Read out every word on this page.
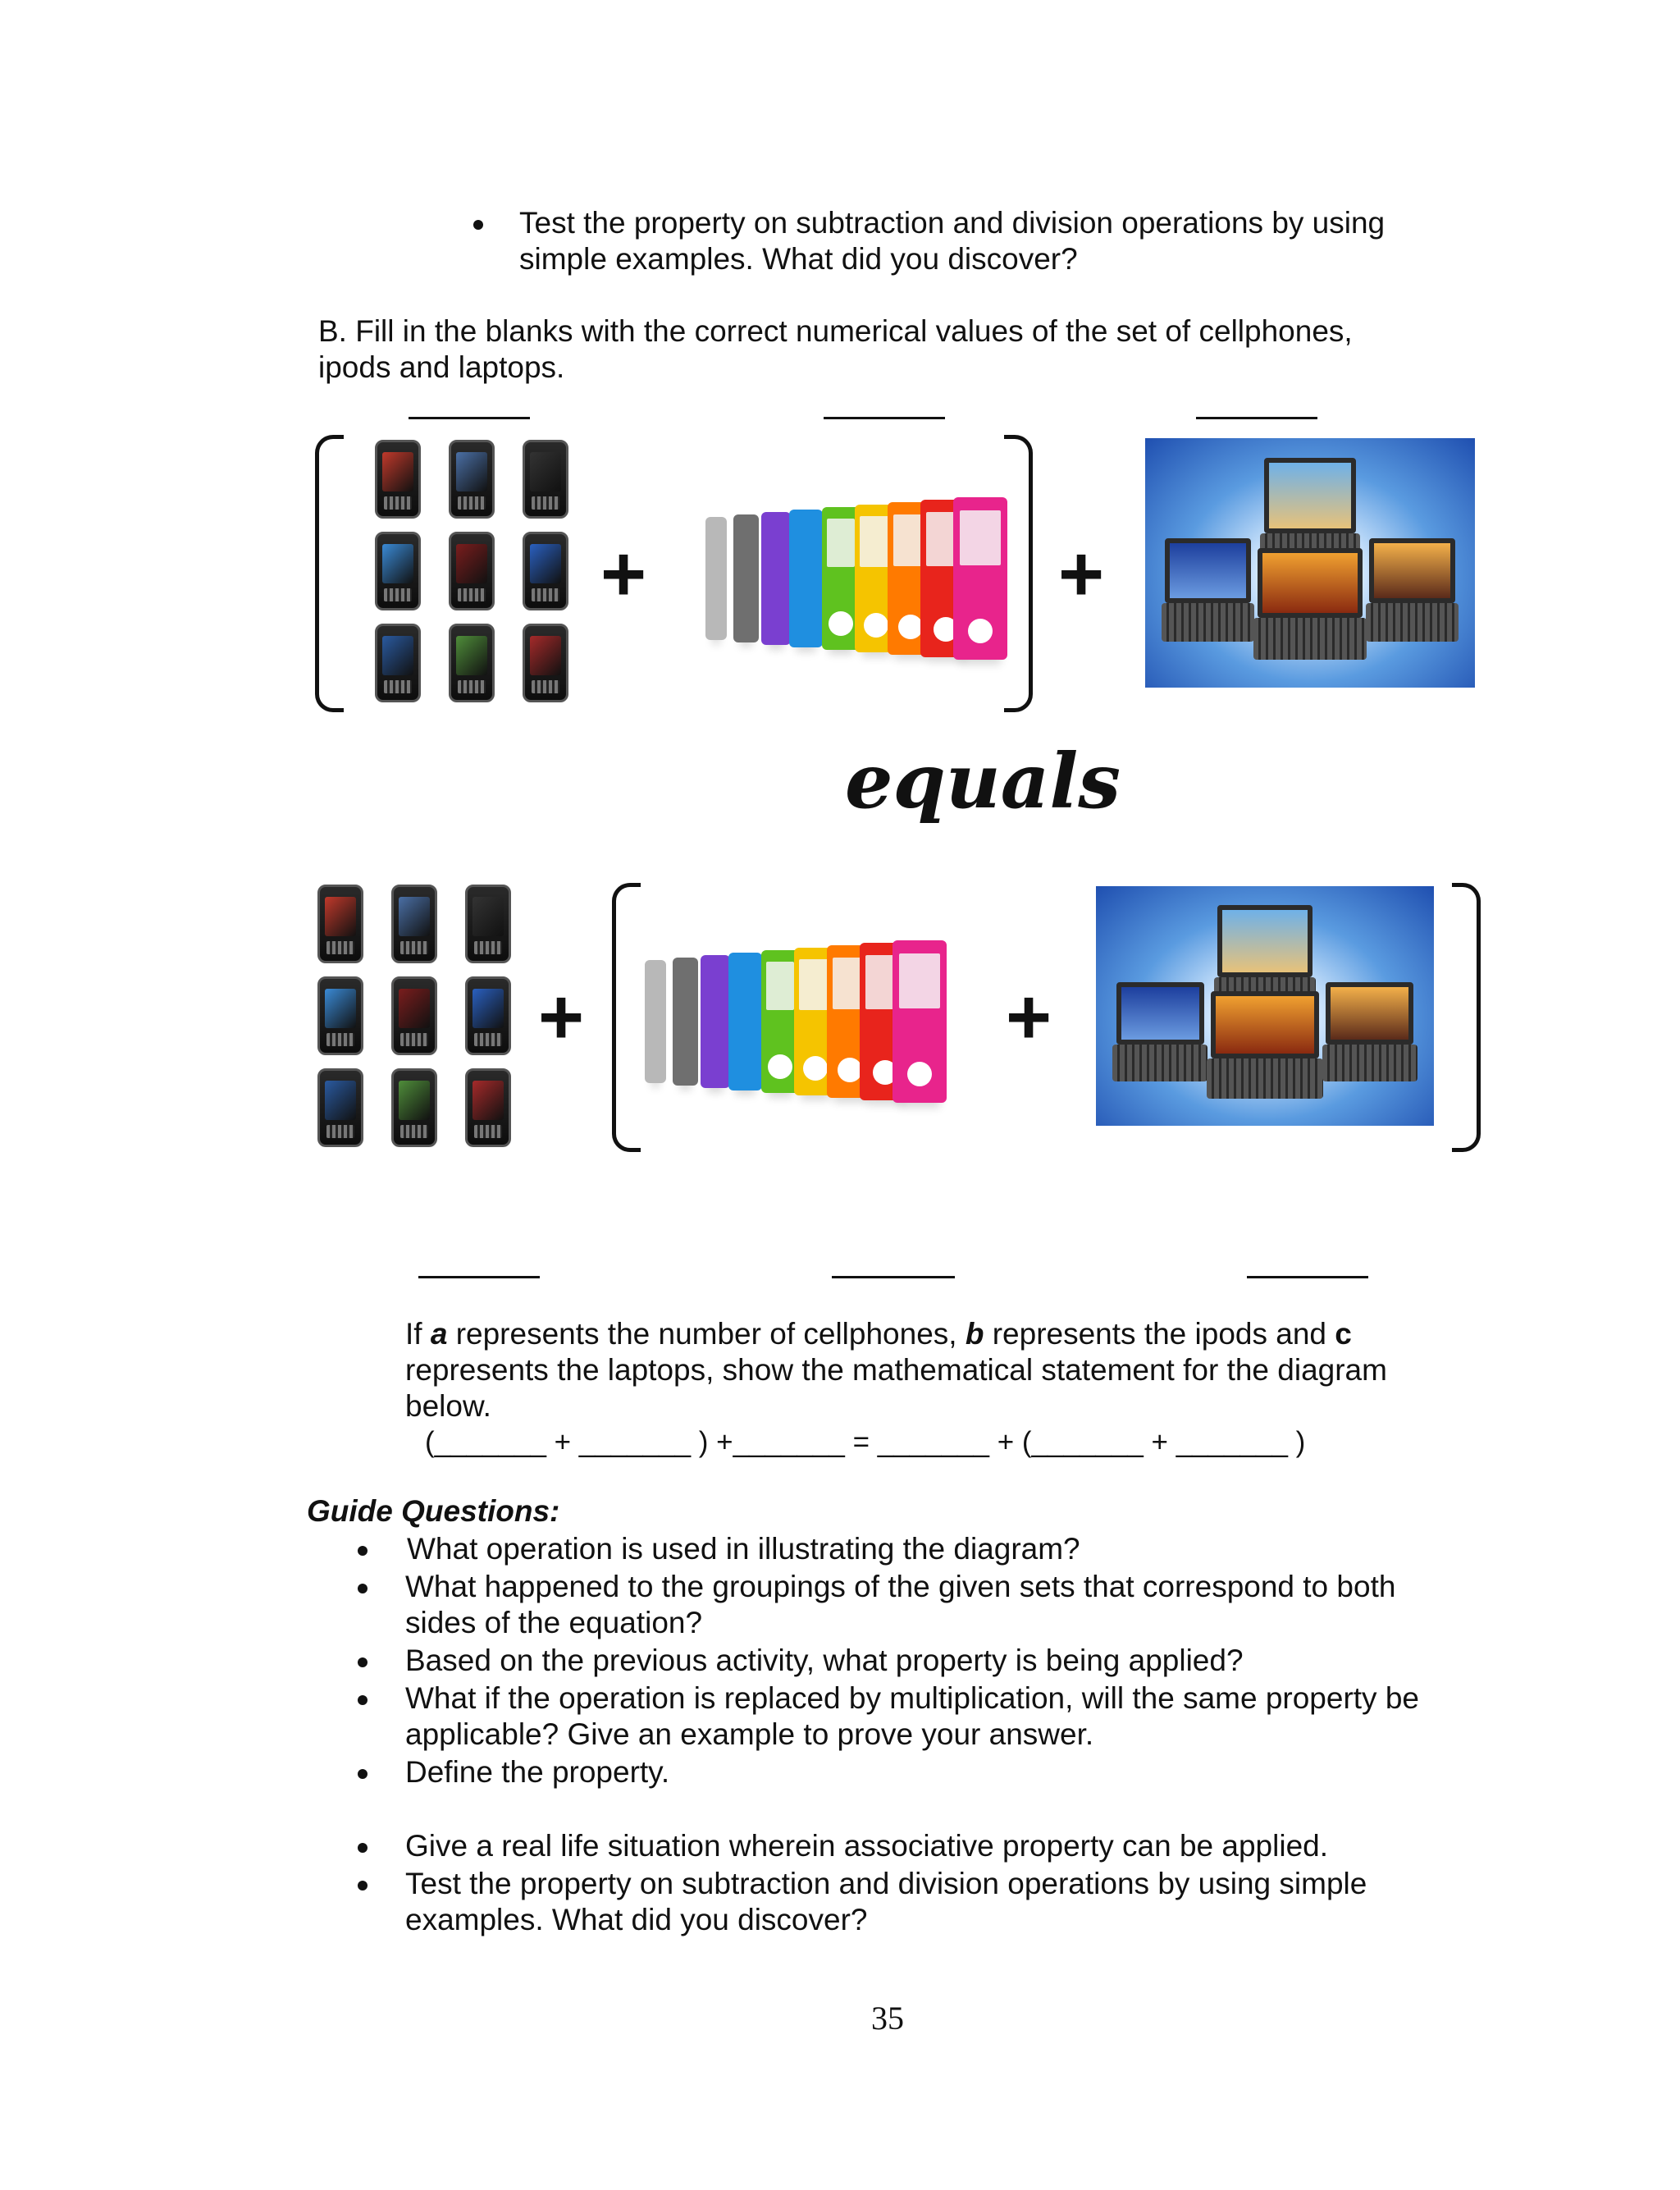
Test the property on subtraction and division operations by using simple examples. What did you discover?
B. Fill in the blanks with the correct numerical values of the set of cellphones, ipods and laptops.
+	+
equals
+	+
If a represents the number of cellphones, b represents the ipods and c represents the laptops, show the mathematical statement for the diagram below.
(_______ + _______ ) +_______ = _______ + (_______ + _______ )
Guide Questions:
What operation is used in illustrating the diagram?
What happened to the groupings of the given sets that correspond to both sides of the equation?
Based on the previous activity, what property is being applied?
What if the operation is replaced by multiplication, will the same property be applicable? Give an example to prove your answer.
Define the property.
Give a real life situation wherein associative property can be applied.
Test the property on subtraction and division operations by using simple examples. What did you discover?
35
